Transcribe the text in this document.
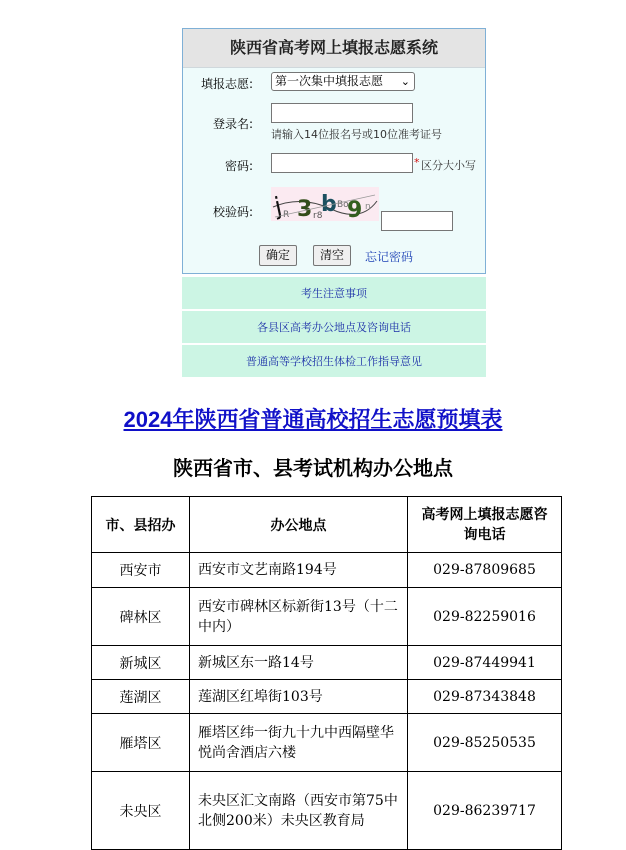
陕西省高考网上填报志愿系统
填报志愿:	第一次集中填报志愿 ⌄
登录名:
请输入14位报名号或10位准考证号
密码:	* 区分大小写
校验码: j
R 3 r8
b Bo
9 n
确定	清空	忘记密码
考生注意事项
各县区高考办公地点及咨询电话
普通高等学校招生体检工作指导意见
2024年陕西省普通高校招生志愿预填表
陕西省市、县考试机构办公地点
市、县招办	办公地点	高考网上填报志愿咨询电话
西安市	西安市文艺南路194号	029-87809685
碑林区	西安市碑林区标新街13号（十二中内）	029-82259016
新城区	新城区东一路14号	029-87449941
莲湖区	莲湖区红埠街103号	029-87343848
雁塔区	雁塔区纬一街九十九中西隔壁华悦尚舍酒店六楼	029-85250535
未央区	未央区汇文南路（西安市第75中北侧200米）未央区教育局	029-86239717
